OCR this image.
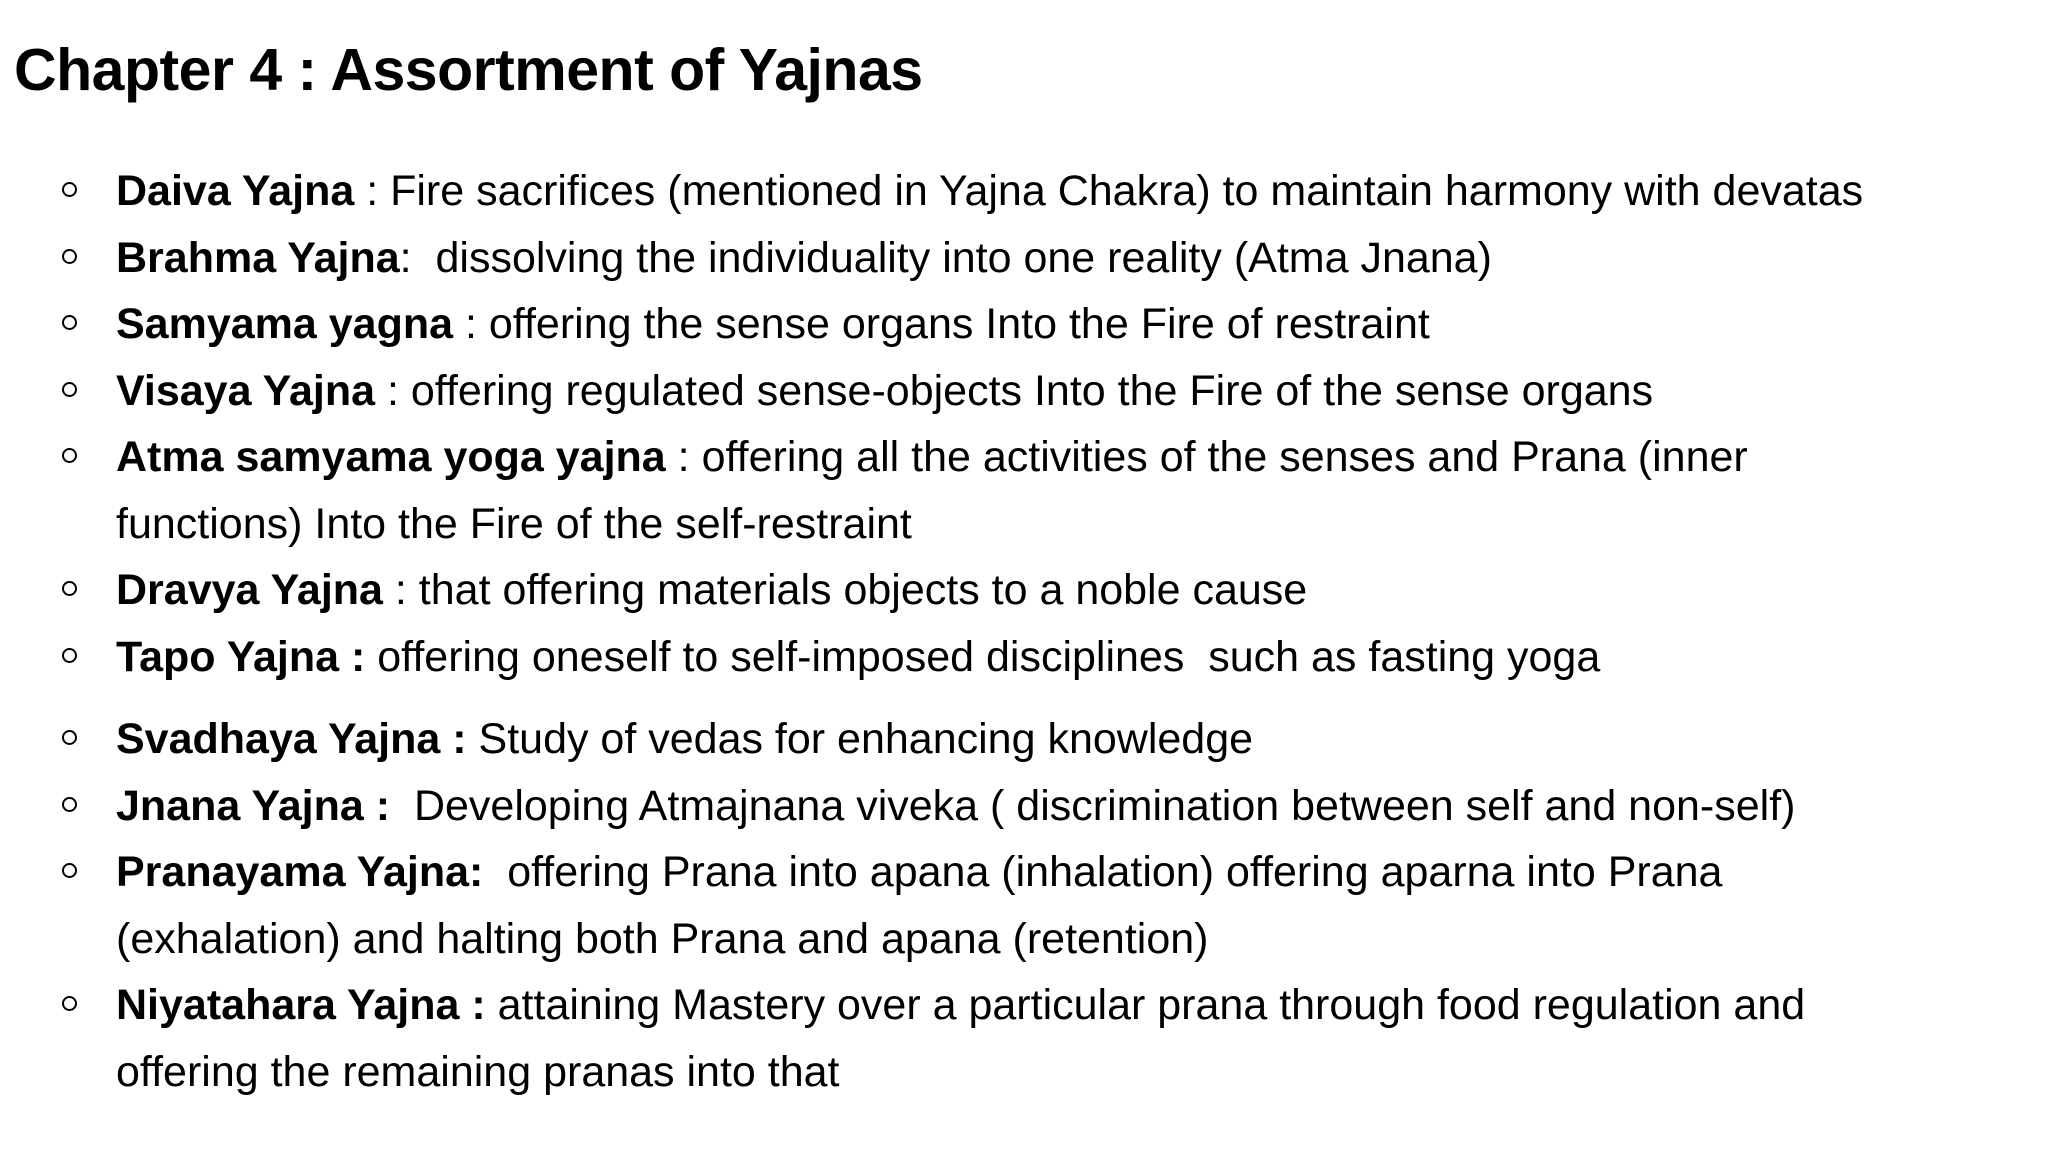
Chapter 4 : Assortment of Yajnas
Daiva Yajna : Fire sacrifices (mentioned in Yajna Chakra) to maintain harmony with devatas
Brahma Yajna:  dissolving the individuality into one reality (Atma Jnana)
Samyama yagna : offering the sense organs Into the Fire of restraint
Visaya Yajna : offering regulated sense-objects Into the Fire of the sense organs
Atma samyama yoga yajna : offering all the activities of the senses and Prana (inner
functions) Into the Fire of the self-restraint
Dravya Yajna : that offering materials objects to a noble cause
Tapo Yajna : offering oneself to self-imposed disciplines  such as fasting yoga
Svadhaya Yajna : Study of vedas for enhancing knowledge
Jnana Yajna :  Developing Atmajnana viveka ( discrimination between self and non-self)
Pranayama Yajna:  offering Prana into apana (inhalation) offering aparna into Prana
(exhalation) and halting both Prana and apana (retention)
Niyatahara Yajna : attaining Mastery over a particular prana through food regulation and
offering the remaining pranas into that
